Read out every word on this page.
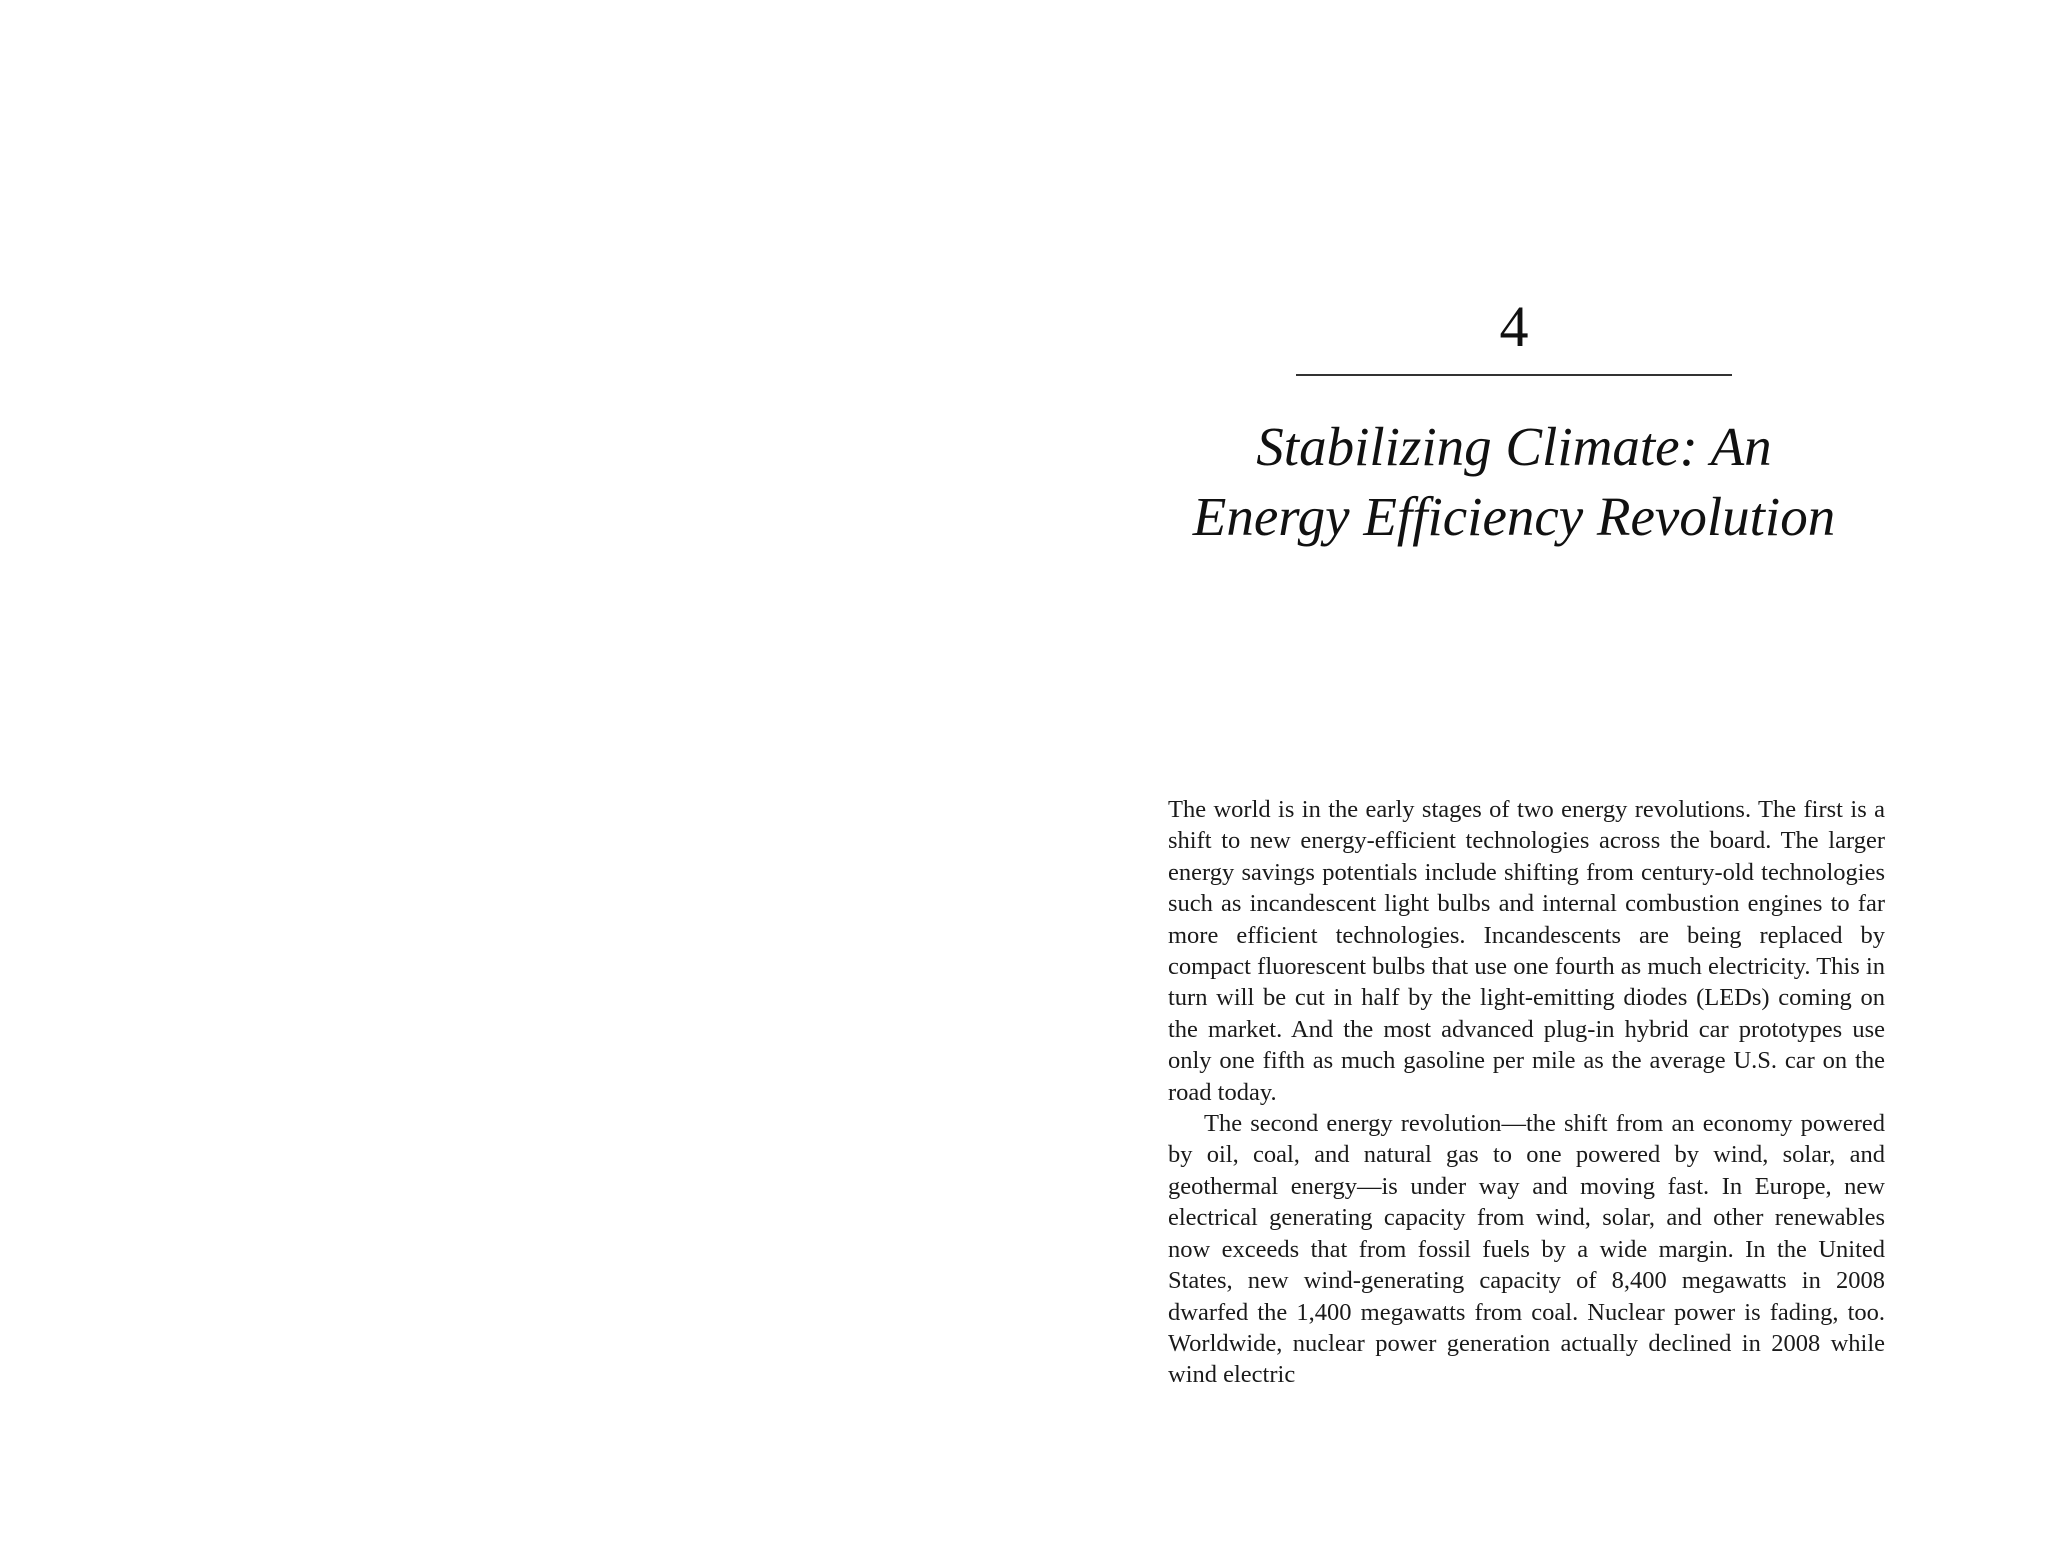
4
Stabilizing Climate: An
Energy Efficiency Revolution

The world is in the early stages of two energy revolutions. The first is a shift to new energy-efficient technologies across the board. The larger energy savings potentials include shifting from century-old technologies such as incandescent light bulbs and internal combustion engines to far more efficient technologies. Incandescents are being replaced by compact fluorescent bulbs that use one fourth as much electricity. This in turn will be cut in half by the light-emitting diodes (LEDs) coming on the market. And the most advanced plug-in hybrid car prototypes use only one fifth as much gasoline per mile as the average U.S. car on the road today.

The second energy revolution—the shift from an economy powered by oil, coal, and natural gas to one powered by wind, solar, and geothermal energy—is under way and moving fast. In Europe, new electrical generating capacity from wind, solar, and other renewables now exceeds that from fossil fuels by a wide margin. In the United States, new wind-generating capacity of 8,400 megawatts in 2008 dwarfed the 1,400 megawatts from coal. Nuclear power is fading, too. Worldwide, nuclear power generation actually declined in 2008 while wind electric
